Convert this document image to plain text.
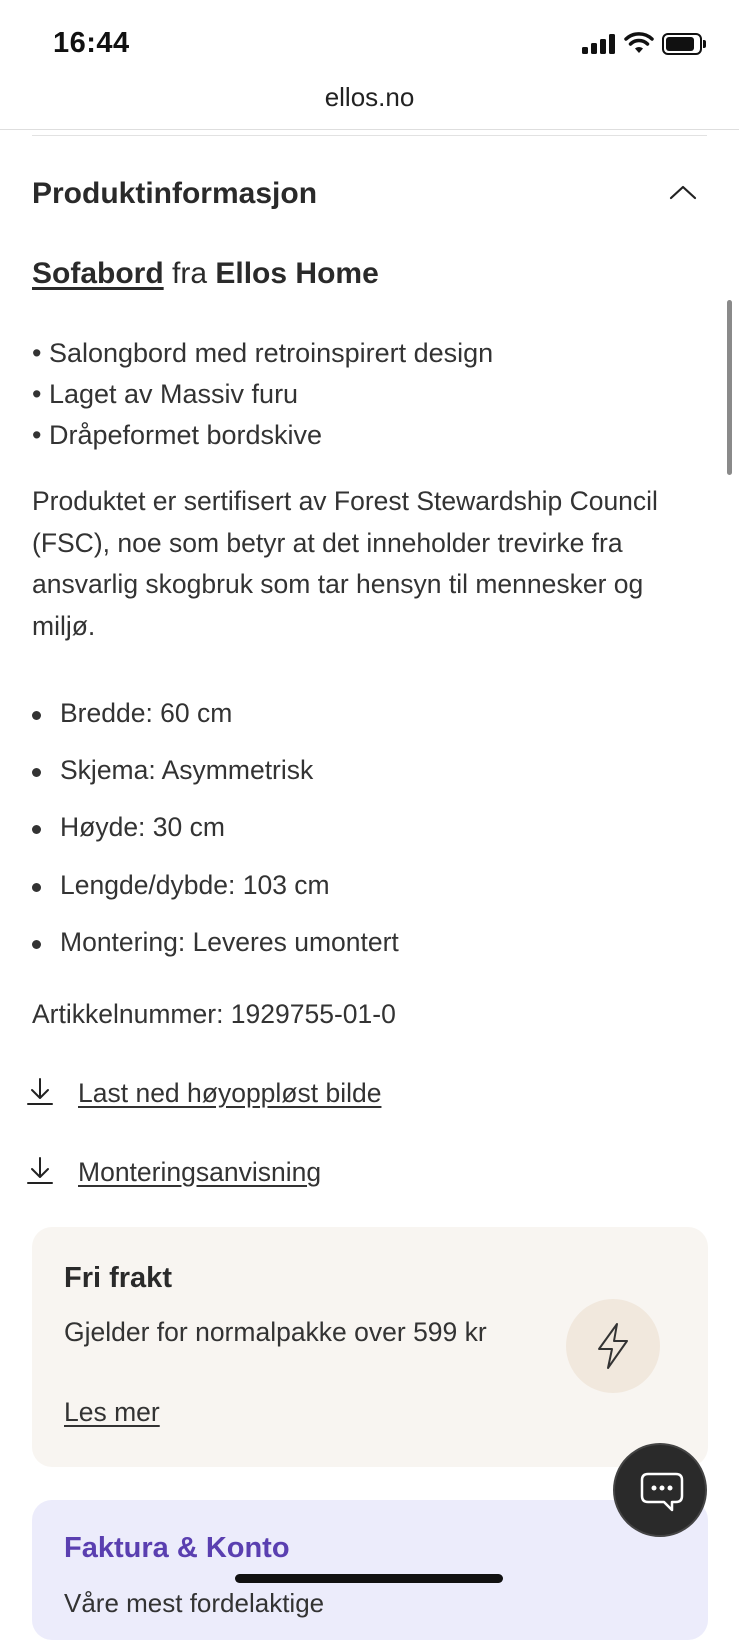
16:44
ellos.no
Produktinformasjon
Sofabord fra Ellos Home
• Salongbord med retroinspirert design
• Laget av Massiv furu
• Dråpeformet bordskive
Produktet er sertifisert av Forest Stewardship Council (FSC), noe som betyr at det inneholder trevirke fra ansvarlig skogbruk som tar hensyn til mennesker og miljø.
Bredde: 60 cm
Skjema: Asymmetrisk
Høyde: 30 cm
Lengde/dybde: 103 cm
Montering: Leveres umontert
Artikkelnummer: 1929755-01-0
Last ned høyoppløst bilde
Monteringsanvisning
Fri frakt
Gjelder for normalpakke over 599 kr
Les mer
Faktura & Konto
Våre mest fordelaktige
